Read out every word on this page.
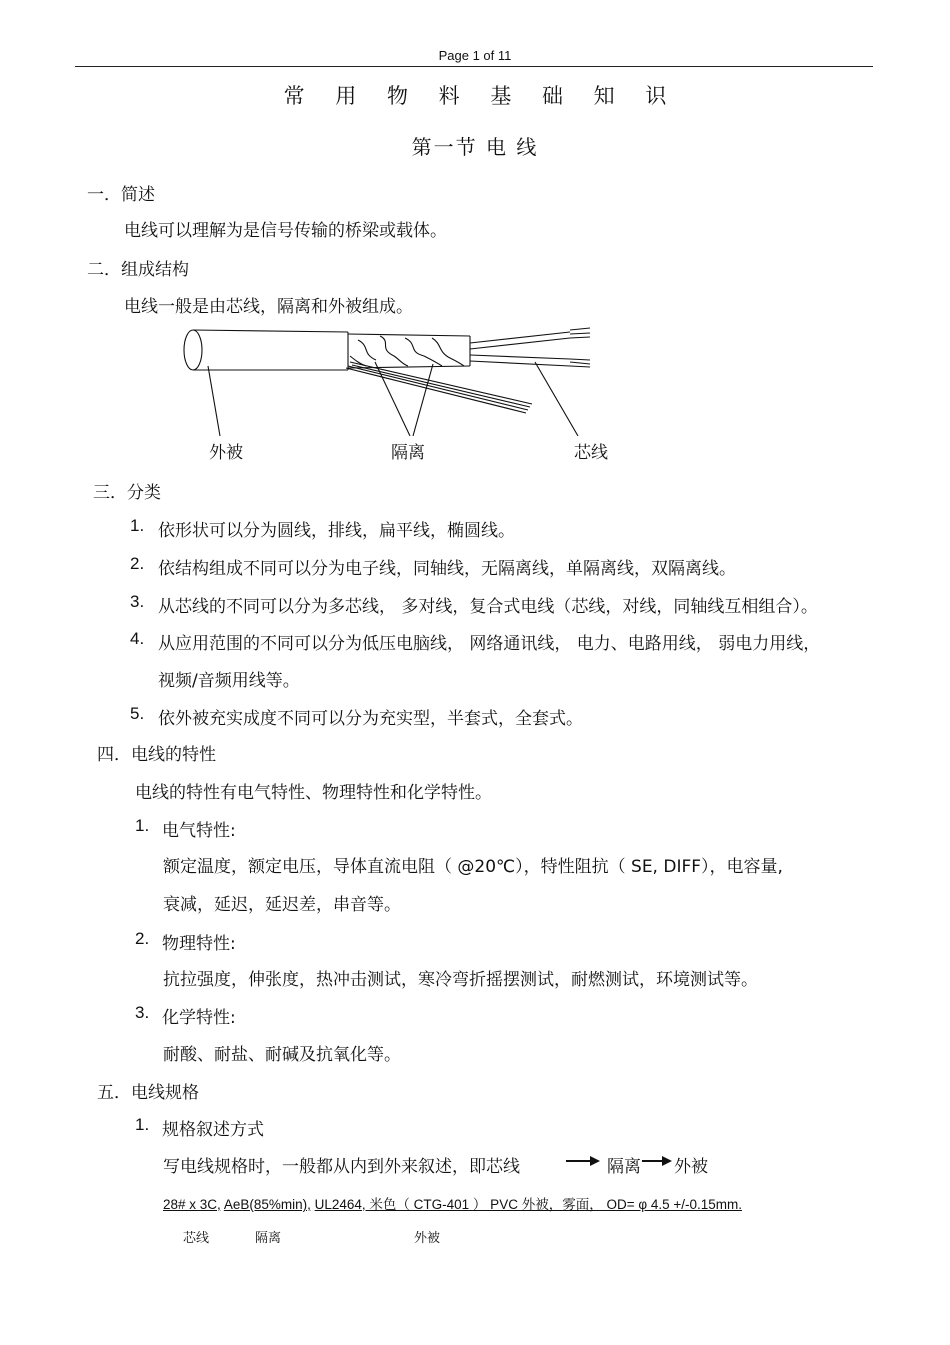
Page 1 of 11
常 用 物 料 基 础 知 识
第一节 电 线
一．简述
电线可以理解为是信号传输的桥梁或载体。
二．组成结构
电线一般是由芯线，隔离和外被组成。
外被	隔离	芯线
三．分类
1. 依形状可以分为圆线，排线，扁平线，椭圆线。
2. 依结构组成不同可以分为电子线，同轴线，无隔离线，单隔离线，双隔离线。
3. 从芯线的不同可以分为多芯线， 多对线，复合式电线（芯线，对线，同轴线互相组合）。
4. 从应用范围的不同可以分为低压电脑线， 网络通讯线， 电力、电路用线， 弱电力用线，
视频/音频用线等。
5. 依外被充实成度不同可以分为充实型，半套式，全套式。
四．电线的特性
电线的特性有电气特性、物理特性和化学特性。
1. 电气特性:
额定温度，额定电压，导体直流电阻（ @20℃），特性阻抗（ SE, DIFF），电容量,
衰减，延迟，延迟差，串音等。
2. 物理特性:
抗拉强度，伸张度，热冲击测试，寒冷弯折摇摆测试，耐燃测试，环境测试等。
3. 化学特性:
耐酸、耐盐、耐碱及抗氧化等。
五．电线规格
1. 规格叙述方式
写电线规格时，一般都从内到外来叙述，即芯线	隔离 外被
28# x 3C, AeB(85%min), UL2464, 米色（ CTG-401 ） PVC 外被，雾面， OD= φ 4.5 +/-0.15mm.
芯线	隔离	外被
